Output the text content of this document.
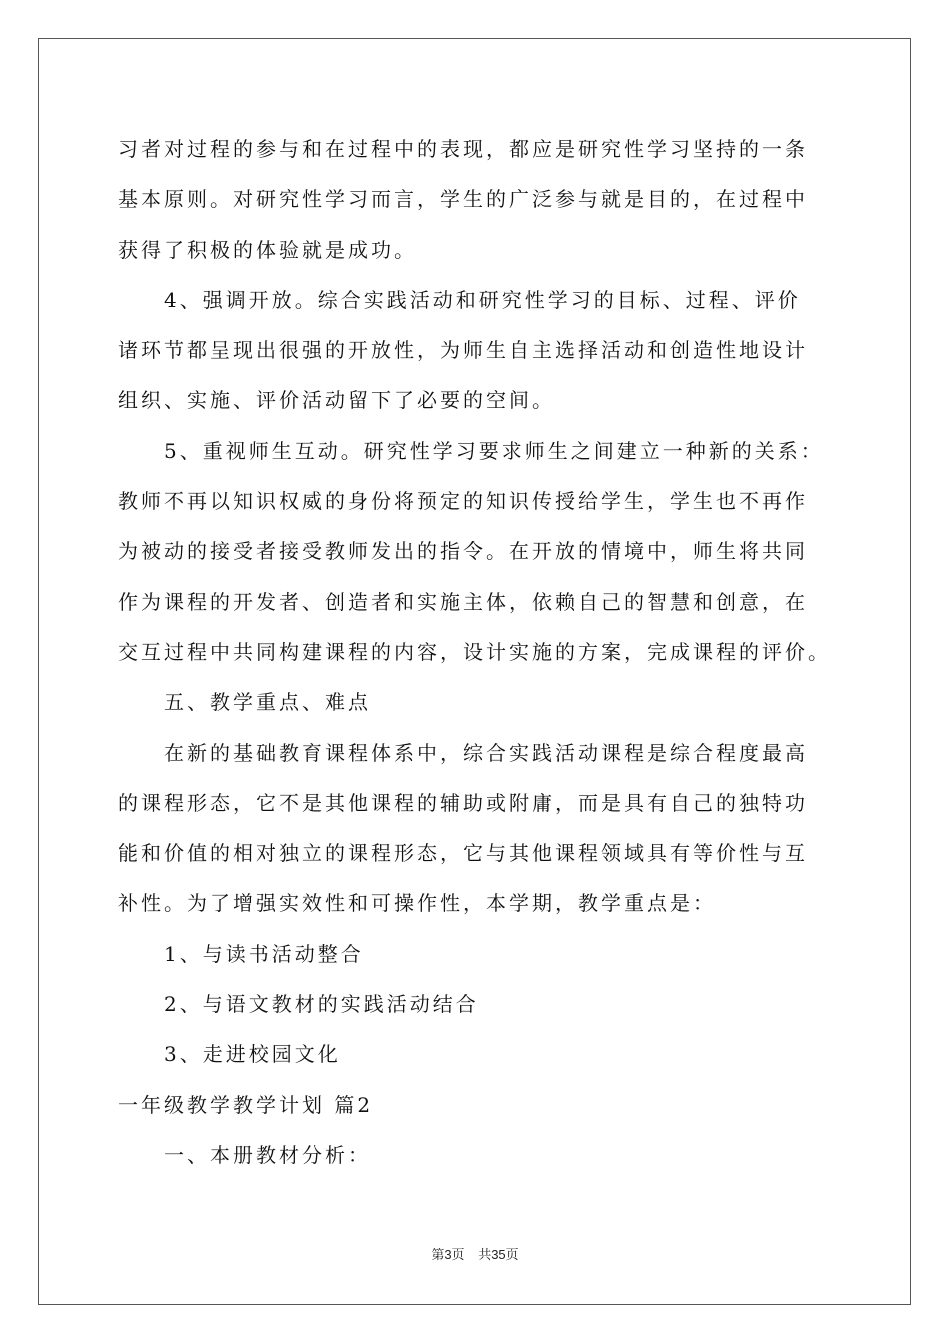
习者对过程的参与和在过程中的表现，都应是研究性学习坚持的一条
基本原则。对研究性学习而言，学生的广泛参与就是目的，在过程中
获得了积极的体验就是成功。
4、强调开放。综合实践活动和研究性学习的目标、过程、评价
诸环节都呈现出很强的开放性，为师生自主选择活动和创造性地设计
组织、实施、评价活动留下了必要的空间。
5、重视师生互动。研究性学习要求师生之间建立一种新的关系：
教师不再以知识权威的身份将预定的知识传授给学生，学生也不再作
为被动的接受者接受教师发出的指令。在开放的情境中，师生将共同
作为课程的开发者、创造者和实施主体，依赖自己的智慧和创意，在
交互过程中共同构建课程的内容，设计实施的方案，完成课程的评价。
五、教学重点、难点
在新的基础教育课程体系中，综合实践活动课程是综合程度最高
的课程形态，它不是其他课程的辅助或附庸，而是具有自己的独特功
能和价值的相对独立的课程形态，它与其他课程领域具有等价性与互
补性。为了增强实效性和可操作性，本学期，教学重点是：
1、与读书活动整合
2、与语文教材的实践活动结合
3、走进校园文化
一年级教学教学计划 篇2
一、本册教材分析：
第3页 共35页
